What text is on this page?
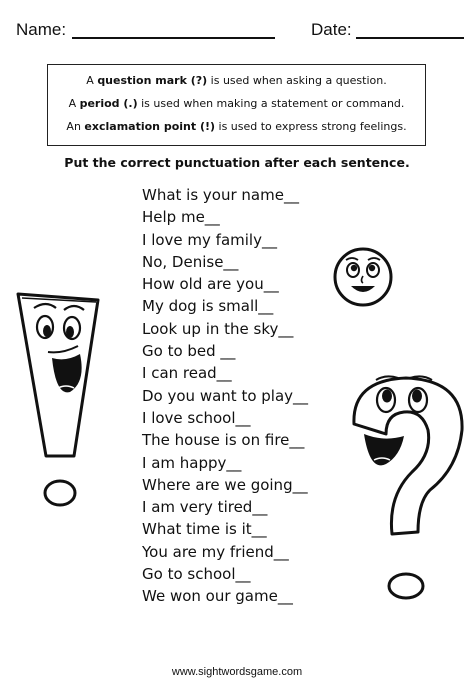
Name:	Date:
A question mark (?) is used when asking a question.
A period (.) is used when making a statement or command.
An exclamation point (!) is used to express strong feelings.
Put the correct punctuation after each sentence.
What is your name__
Help me__
I love my family__
No, Denise__
How old are you__
My dog is small__
Look up in the sky__
Go to bed __
I can read__
Do you want to play__
I love school__
The house is on fire__
I am happy__
Where are we going__
I am very tired__
What time is it__
You are my friend__
Go to school__
We won our game__
www.sightwordsgame.com
